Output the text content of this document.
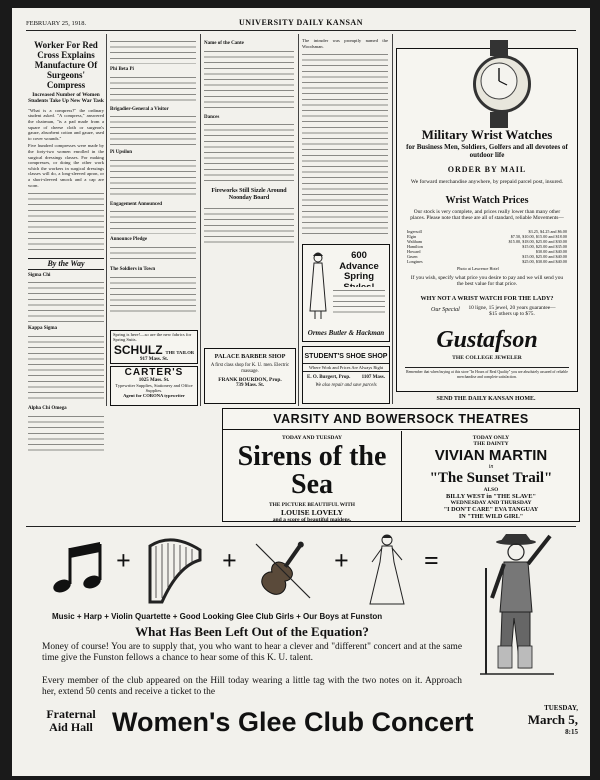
FEBRUARY 25, 1918.	UNIVERSITY DAILY KANSAN
Worker For Red Cross Explains Manufacture Of Surgeons' Compress
Increased Number of Women Students Take Up New War Task

"What is a compress?" the ordinary student asked. "A compress," answered the chairman, "is a pad made from a square of cheese cloth or surgeon's gauze, absorbent cotton and gauze, used to cover wounds."

Five hundred compresses were made by the forty-two women enrolled in the surgical dressings classes. For making compresses, or doing the other work which the workers in surgical dressings classes will do, a long-sleeved apron, or a short-sleeved smock and a cap are worn.

By the Way
Sigma Chi
Kappa Sigma
Alpha Chi Omega
Phi Beta Pi
Brigadier-General a Visitor
Pi Upsilon
Engagement Announced
Announce Pledge
The Soldiers in Town
Spring is here!—so are the new fabrics for Spring Suits.
SCHULZ THE TAILOR
917 Mass. St.
CARTER'S
1025 Mass. St.
Typewriter Supplies, Stationery and Office Supplies.
Agent for CORONA typewriter
Name of the Cante
Dances
Fireworks Still Sizzle Around Noonday Board
PALACE BARBER SHOP
A first class shop for K. U. men. Electric massage.
FRANK BOURDON, Prop.
739 Mass. St.

The intruder was promptly named the Woodsman.

600 Advance Spring
Ormes Butler & Hackman
STUDENT'S SHOE SHOP
Where Work and Prices Are Always Right
E. O. Burgert, Prop. 1107 Mass.
We also repair and save parcels
Military Wrist Watches
for Business Men, Soldiers, Golfers and all devotees of outdoor life
ORDER BY MAIL
We forward merchandise anywhere, by prepaid parcel post, insured.
Wrist Watch Prices
Our stock is very complete, and prices really lower than many other places. Please note that these are all of standard, reliable Movements—
Ingersoll	$3.25, $4.25 and $6.00
Elgin	$7.50, $10.00, $15.00 and $18.00
Waltham	$15.00, $18.00, $25.00 and $30.00
Hamilton	$15.00, $25.00 and $35.00
Howard	$30.00 and $40.00
Gruen	$15.00, $25.00 and $40.00
Longines	$25.00, $30.00 and $40.00
Photo at Lawrence Hotel
If you wish, specify what price you desire to pay and we will send you the best value for that price.
WHY NOT A WRIST WATCH FOR THE LADY?
Our Special 10 ligne, 15 jewel, 20 years guarantee—$15 others up to $75.
Gustafson
THE COLLEGE JEWELER
Remember that when buying at this store "In Hours of Real Quality" you are absolutely assured of reliable merchandise and complete satisfaction.
SEND THE DAILY KANSAN HOME.
VARSITY AND BOWERSOCK THEATRES
TODAY AND TUESDAY
Sirens of the Sea
THE PICTURE BEAUTIFUL WITH
LOUISE LOVELY
and a score of beautiful maidens.
TODAY ONLY
THE DAINTY
VIVIAN MARTIN
in
"The Sunset Trail"
ALSO
BILLY WEST in "THE SLAVE"
WEDNESDAY AND THURSDAY
"I DON'T CARE" EVA TANGUAY
IN "THE WILD GIRL"
+	+	+	=
Music + Harp + Violin Quartette + Good Looking Glee Club Girls + Our Boys at Funston
What Has Been Left Out of the Equation?
Money of course! You are to supply that, you who want to hear a clever and "different" concert and at the same time give the Funston fellows a chance to hear some of this K. U. talent.
Every member of the club appeared on the Hill today wearing a little tag with the two notes on it. Approach her, extend 50 cents and receive a ticket to the
Fraternal Aid Hall Women's Glee Club Concert	TUESDAY,
March 5,
8:15
